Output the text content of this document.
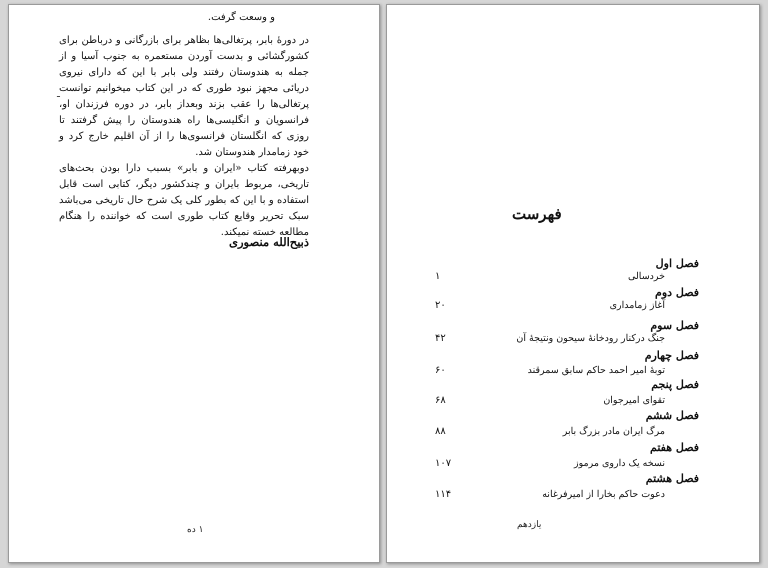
و وسعت گرفت.
ـ
در دورهٔ بابر، پرتغالی‌ها بظاهر برای بازرگانی و درباطن برای کشورگشائی و بدست آوردن مستعمره به جنوب آسیا و از جمله به هندوستان رفتند ولی بابر با این که دارای نیروی دریائی مجهز نبود طوری که در این کتاب میخوانیم توانست پرتغالی‌ها را عقب بزند وبعداز بابر، در دوره فرزندان او، فرانسویان و انگلیسی‌ها راه هندوستان را پیش گرفتند تا روزی که انگلستان فرانسوی‌ها را از آن اقلیم خارج کرد و خود زمامدار هندوستان شد.
دوبهرفته کتاب «ایران و بابر» بسبب دارا بودن بحث‌های تاریخی، مربوط بایران و چندکشور دیگر، کتابی است قابل استفاده و با این که بطور کلی یک شرح حال تاریخی می‌باشد سبک تحریر وقایع کتاب طوری است که خواننده را هنگام مطالعه خسته نمیکند.
ذبیح‌الله منصوری
۱ ده
فهرست
فصل اول
خردسالی
۱
فصل دوم
آغاز زمامداری
۲۰
فصل سوم
جنگ درکنار رودخانهٔ سیحون ونتیجهٔ آن
۴۲
فصل چهارم
توبهٔ امیر احمد حاکم سابق سمرقند
۶۰
فصل پنجم
تقوای امیرجوان
۶۸
فصل ششم
مرگ ایران مادر بزرگ بابر
۸۸
فصل هفتم
نسخه یک داروی مرموز
۱۰۷
فصل هشتم
دعوت حاکم بخارا از امیرفرغانه
۱۱۴
یازدهم
